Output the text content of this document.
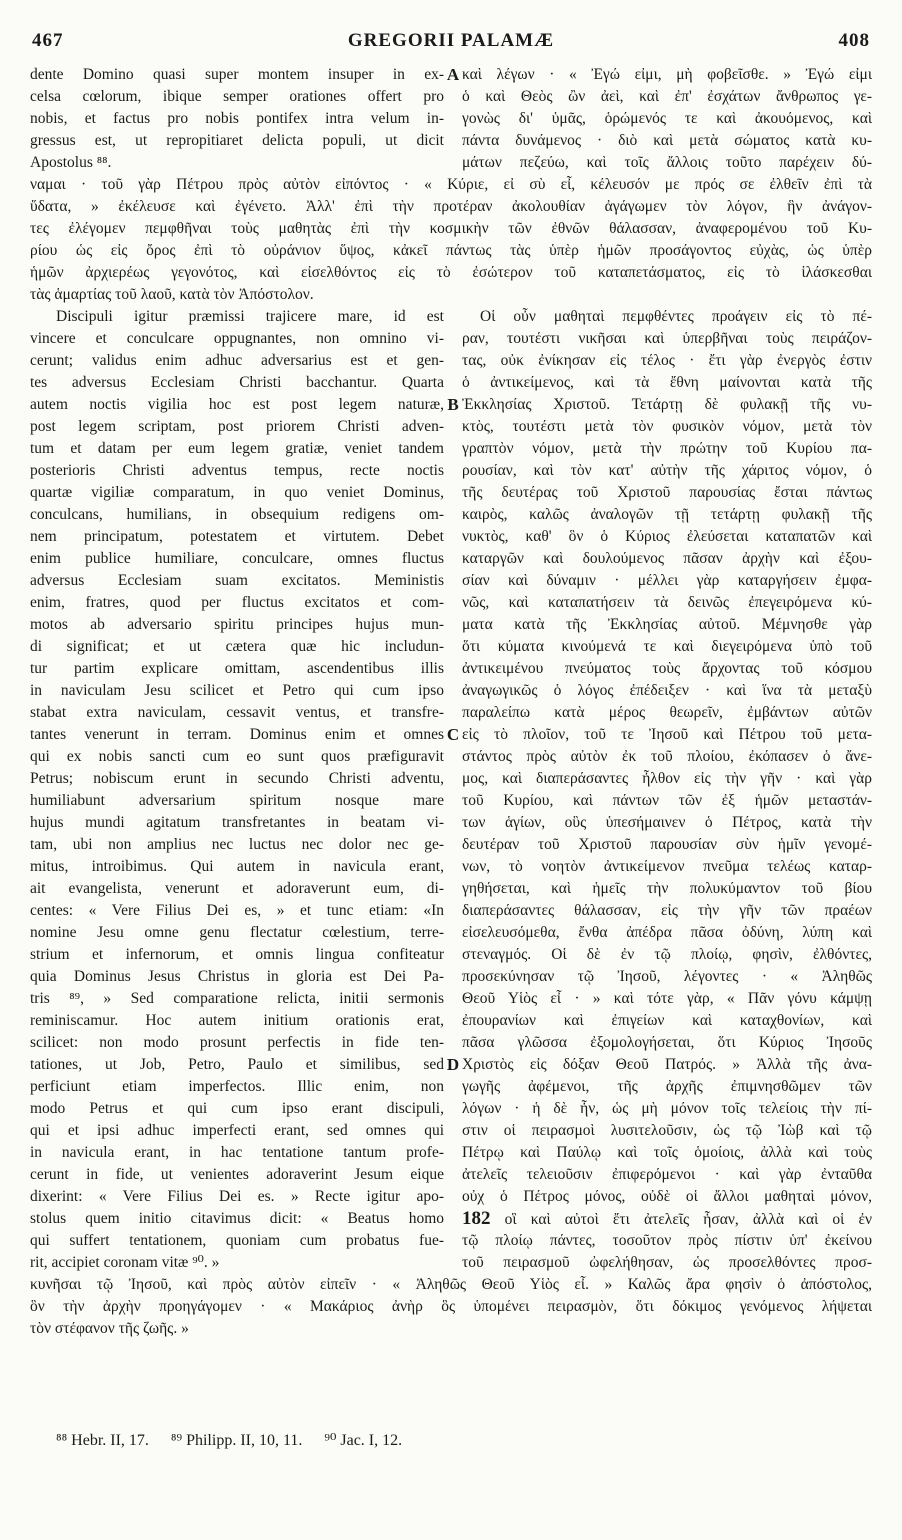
467	GREGORII PALAMÆ	408
dente Domino quasi super montem insuper in ex-
celsa cœlorum, ibique semper orationes offert pro
nobis, et factus pro nobis pontifex intra velum in-
gressus est, ut repropitiaret delicta populi, ut dicit
Apostolus ⁸⁸.
καὶ λέγων · « Ἐγώ εἰμι, μὴ φοβεῖσθε. » Ἐγώ εἰμι
ὁ καὶ Θεὸς ὢν ἀεὶ, καὶ ἐπ' ἐσχάτων ἄνθρωπος γε-
γονὼς δι' ὑμᾶς, ὁρώμενός τε καὶ ἀκουόμενος, καὶ
πάντα δυνάμενος · διὸ καὶ μετὰ σώματος κατὰ κυ-
μάτων πεζεύω, καὶ τοῖς ἄλλοις τοῦτο παρέχειν δύ-
A
ναμαι · τοῦ γὰρ Πέτρου πρὸς αὐτὸν εἰπόντος · « Κύριε, εἰ σὺ εἶ, κέλευσόν με πρός σε ἐλθεῖν ἐπὶ τὰ
ὕδατα, » ἐκέλευσε καὶ ἐγένετο. Ἀλλ' ἐπὶ τὴν προτέραν ἀκολουθίαν ἀγάγωμεν τὸν λόγον, ἣν ἀνάγον-
τες ἐλέγομεν πεμφθῆναι τοὺς μαθητὰς ἐπὶ τὴν κοσμικὴν τῶν ἐθνῶν θάλασσαν, ἀναφερομένου τοῦ Κυ-
ρίου ὡς εἰς ὄρος ἐπὶ τὸ οὐράνιον ὕψος, κἀκεῖ πάντως τὰς ὑπὲρ ἡμῶν προσάγοντος εὐχὰς, ὡς ὑπὲρ
ἡμῶν ἀρχιερέως γεγονότος, καὶ εἰσελθόντος εἰς τὸ ἐσώτερον τοῦ καταπετάσματος, εἰς τὸ ἱλάσκεσθαι
τὰς ἁμαρτίας τοῦ λαοῦ, κατὰ τὸν Ἀπόστολον.
Discipuli igitur præmissi trajicere mare, id est
vincere et conculcare oppugnantes, non omnino vi-
cerunt; validus enim adhuc adversarius est et gen-
tes adversus Ecclesiam Christi bacchantur. Quarta
autem noctis vigilia hoc est post legem naturæ,
post legem scriptam, post priorem Christi adven-
tum et datam per eum legem gratiæ, veniet tandem
posterioris Christi adventus tempus, recte noctis
quartæ vigiliæ comparatum, in quo veniet Dominus,
conculcans, humilians, in obsequium redigens om-
nem principatum, potestatem et virtutem. Debet
enim publice humiliare, conculcare, omnes fluctus
adversus Ecclesiam suam excitatos. Meministis
enim, fratres, quod per fluctus excitatos et com-
motos ab adversario spiritu principes hujus mun-
di significat; et ut cætera quæ hic includun-
tur partim explicare omittam, ascendentibus illis
in naviculam Jesu scilicet et Petro qui cum ipso
stabat extra naviculam, cessavit ventus, et transfre-
tantes venerunt in terram. Dominus enim et omnes
qui ex nobis sancti cum eo sunt quos præfiguravit
Petrus; nobiscum erunt in secundo Christi adventu,
humiliabunt adversarium spiritum nosque mare
hujus mundi agitatum transfretantes in beatam vi-
tam, ubi non amplius nec luctus nec dolor nec ge-
mitus, introibimus. Qui autem in navicula erant,
ait evangelista, venerunt et adoraverunt eum, di-
centes: « Vere Filius Dei es, » et tunc etiam: «In
nomine Jesu omne genu flectatur cœlestium, terre-
strium et infernorum, et omnis lingua confiteatur
quia Dominus Jesus Christus in gloria est Dei Pa-
tris ⁸⁹, » Sed comparatione relicta, initii sermonis
reminiscamur. Hoc autem initium orationis erat,
scilicet: non modo prosunt perfectis in fide ten-
tationes, ut Job, Petro, Paulo et similibus, sed
perficiunt etiam imperfectos. Illic enim, non
modo Petrus et qui cum ipso erant discipuli,
qui et ipsi adhuc imperfecti erant, sed omnes qui
in navicula erant, in hac tentatione tantum profe-
cerunt in fide, ut venientes adoraverint Jesum eique
dixerint: « Vere Filius Dei es. » Recte igitur apo-
stolus quem initio citavimus dicit: « Beatus homo
qui suffert tentationem, quoniam cum probatus fue-
rit, accipiet coronam vitæ ⁹⁰. »
Οἱ οὖν μαθηταὶ πεμφθέντες προάγειν εἰς τὸ πέ-
ραν, τουτέστι νικῆσαι καὶ ὑπερβῆναι τοὺς πειράζον-
τας, οὐκ ἐνίκησαν εἰς τέλος · ἔτι γὰρ ἐνεργὸς ἐστιν
ὁ ἀντικείμενος, καὶ τὰ ἔθνη μαίνονται κατὰ τῆς
Ἐκκλησίας Χριστοῦ. Τετάρτῃ δὲ φυλακῇ τῆς νυ-
κτὸς, τουτέστι μετὰ τὸν φυσικὸν νόμον, μετὰ τὸν
γραπτὸν νόμον, μετὰ τὴν πρώτην τοῦ Κυρίου πα-
ρουσίαν, καὶ τὸν κατ' αὐτὴν τῆς χάριτος νόμον, ὁ
τῆς δευτέρας τοῦ Χριστοῦ παρουσίας ἔσται πάντως
καιρὸς, καλῶς ἀναλογῶν τῇ τετάρτῃ φυλακῇ τῆς
νυκτὸς, καθ' ὃν ὁ Κύριος ἐλεύσεται καταπατῶν καὶ
καταργῶν καὶ δουλούμενος πᾶσαν ἀρχὴν καὶ ἐξου-
σίαν καὶ δύναμιν · μέλλει γὰρ καταργήσειν ἐμφα-
νῶς, καὶ καταπατήσειν τὰ δεινῶς ἐπεγειρόμενα κύ-
ματα κατὰ τῆς Ἐκκλησίας αὐτοῦ. Μέμνησθε γὰρ
ὅτι κύματα κινούμενά τε καὶ διεγειρόμενα ὑπὸ τοῦ
ἀντικειμένου πνεύματος τοὺς ἄρχοντας τοῦ κόσμου
ἀναγωγικῶς ὁ λόγος ἐπέδειξεν · καὶ ἵνα τὰ μεταξὺ
παραλείπω κατὰ μέρος θεωρεῖν, ἐμβάντων αὐτῶν
εἰς τὸ πλοῖον, τοῦ τε Ἰησοῦ καὶ Πέτρου τοῦ μετα-
στάντος πρὸς αὐτὸν ἐκ τοῦ πλοίου, ἐκόπασεν ὁ ἄνε-
μος, καὶ διαπεράσαντες ἦλθον εἰς τὴν γῆν · καὶ γὰρ
τοῦ Κυρίου, καὶ πάντων τῶν ἐξ ἡμῶν μεταστάν-
των ἁγίων, οὓς ὑπεσήμαινεν ὁ Πέτρος, κατὰ τὴν
δευτέραν τοῦ Χριστοῦ παρουσίαν σὺν ἡμῖν γενομέ-
νων, τὸ νοητὸν ἀντικείμενον πνεῦμα τελέως καταρ-
γηθήσεται, καὶ ἡμεῖς τὴν πολυκύμαντον τοῦ βίου
διαπεράσαντες θάλασσαν, εἰς τὴν γῆν τῶν πραέων
εἰσελευσόμεθα, ἔνθα ἀπέδρα πᾶσα ὀδύνη, λύπη καὶ
στεναγμός. Οἱ δὲ ἐν τῷ πλοίῳ, φησὶν, ἐλθόντες,
προσεκύνησαν τῷ Ἰησοῦ, λέγοντες · « Ἀληθῶς
Θεοῦ Υἱὸς εἶ · » καὶ τότε γὰρ, « Πᾶν γόνυ κάμψῃ
ἐπουρανίων καὶ ἐπιγείων καὶ καταχθονίων, καὶ
πᾶσα γλῶσσα ἐξομολογήσεται, ὅτι Κύριος Ἰησοῦς
Χριστὸς εἰς δόξαν Θεοῦ Πατρός. » Ἀλλὰ τῆς ἀνα-
γωγῆς ἀφέμενοι, τῆς ἀρχῆς ἐπιμνησθῶμεν τῶν
λόγων · ἡ δὲ ἦν, ὡς μὴ μόνον τοῖς τελείοις τὴν πί-
στιν οἱ πειρασμοὶ λυσιτελοῦσιν, ὡς τῷ Ἰὼβ καὶ τῷ
Πέτρῳ καὶ Παύλῳ καὶ τοῖς ὁμοίοις, ἀλλὰ καὶ τοὺς
ἀτελεῖς τελειοῦσιν ἐπιφερόμενοι · καὶ γὰρ ἐνταῦθα
οὐχ ὁ Πέτρος μόνος, οὐδὲ οἱ ἄλλοι μαθηταὶ μόνον,
182 οἳ καὶ αὐτοὶ ἔτι ἀτελεῖς ἦσαν, ἀλλὰ καὶ οἱ ἐν
τῷ πλοίῳ πάντες, τοσοῦτον πρὸς πίστιν ὑπ' ἐκείνου
τοῦ πειρασμοῦ ὠφελήθησαν, ὡς προσελθόντες προσ-
B
C
D
κυνῆσαι τῷ Ἰησοῦ, καὶ πρὸς αὐτὸν εἰπεῖν · « Ἀληθῶς Θεοῦ Υἱὸς εἶ. » Καλῶς ἄρα φησὶν ὁ ἀπόστολος,
ὃν τὴν ἀρχὴν προηγάγομεν · « Μακάριος ἀνὴρ ὃς ὑπομένει πειρασμὸν, ὅτι δόκιμος γενόμενος λήψεται
τὸν στέφανον τῆς ζωῆς. »
⁸⁸ Hebr. II, 17. ⁸⁹ Philipp. II, 10, 11. ⁹⁰ Jac. I, 12.
